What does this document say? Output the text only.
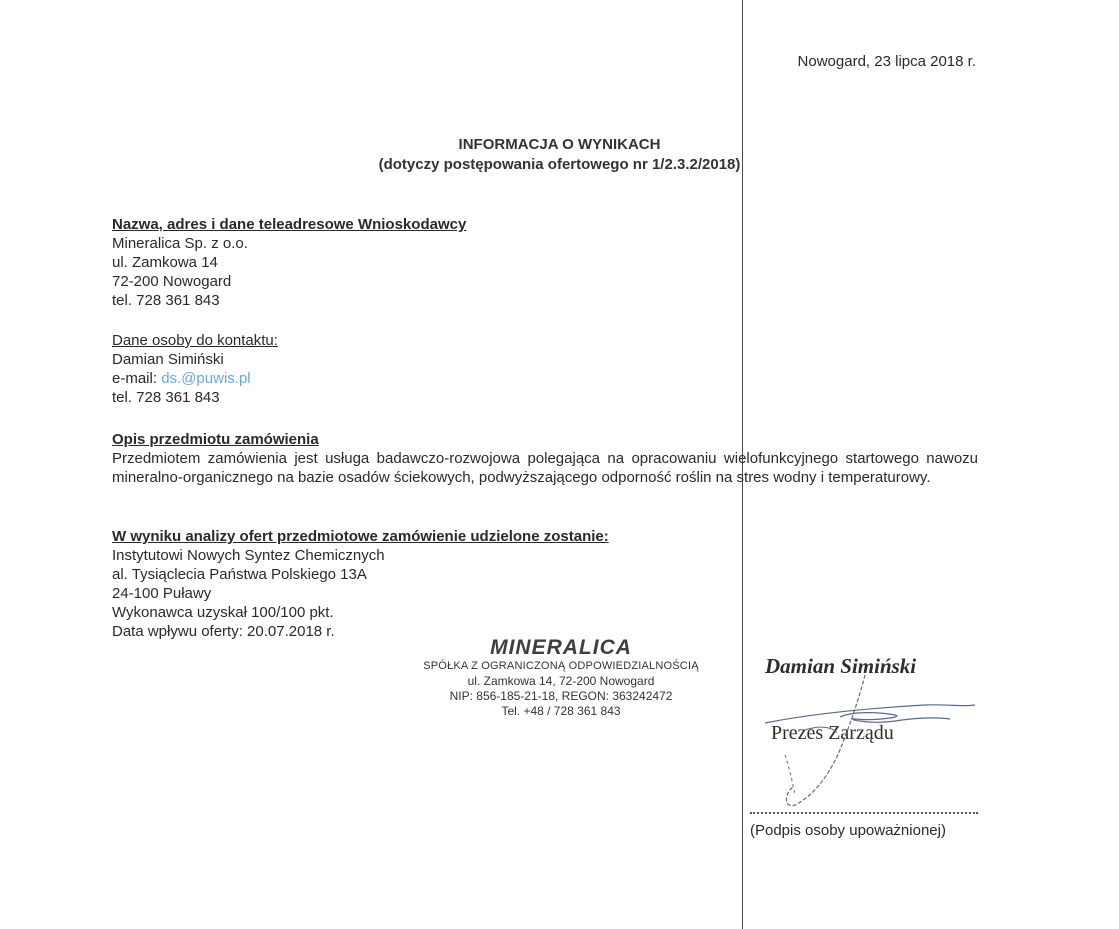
Nowogard, 23 lipca 2018 r.
INFORMACJA O WYNIKACH
(dotyczy postępowania ofertowego nr 1/2.3.2/2018)
Nazwa, adres i dane teleadresowe Wnioskodawcy
Mineralica Sp. z o.o.
ul. Zamkowa 14
72-200 Nowogard
tel. 728 361 843
Dane osoby do kontaktu:
Damian Simiński
e-mail: ds.@puwis.pl
tel. 728 361 843
Opis przedmiotu zamówienia
Przedmiotem zamówienia jest usługa badawczo-rozwojowa polegająca na opracowaniu wielofunkcyjnego startowego nawozu mineralno-organicznego na bazie osadów ściekowych, podwyższającego odporność roślin na stres wodny i temperaturowy.
W wyniku analizy ofert przedmiotowe zamówienie udzielone zostanie:
Instytutowi Nowych Syntez Chemicznych
al. Tysiąclecia Państwa Polskiego 13A
24-100 Puławy
Wykonawca uzyskał 100/100 pkt.
Data wpływu oferty: 20.07.2018 r.
MINERALICA
SPÓŁKA Z OGRANICZONĄ ODPOWIEDZIALNOŚCIĄ
ul. Zamkowa 14, 72-200 Nowogard
NIP: 856-185-21-18, REGON: 363242472
Tel. +48 / 728 361 843
Damian Simiński
Prezes Zarządu
(Podpis osoby upoważnionej)
